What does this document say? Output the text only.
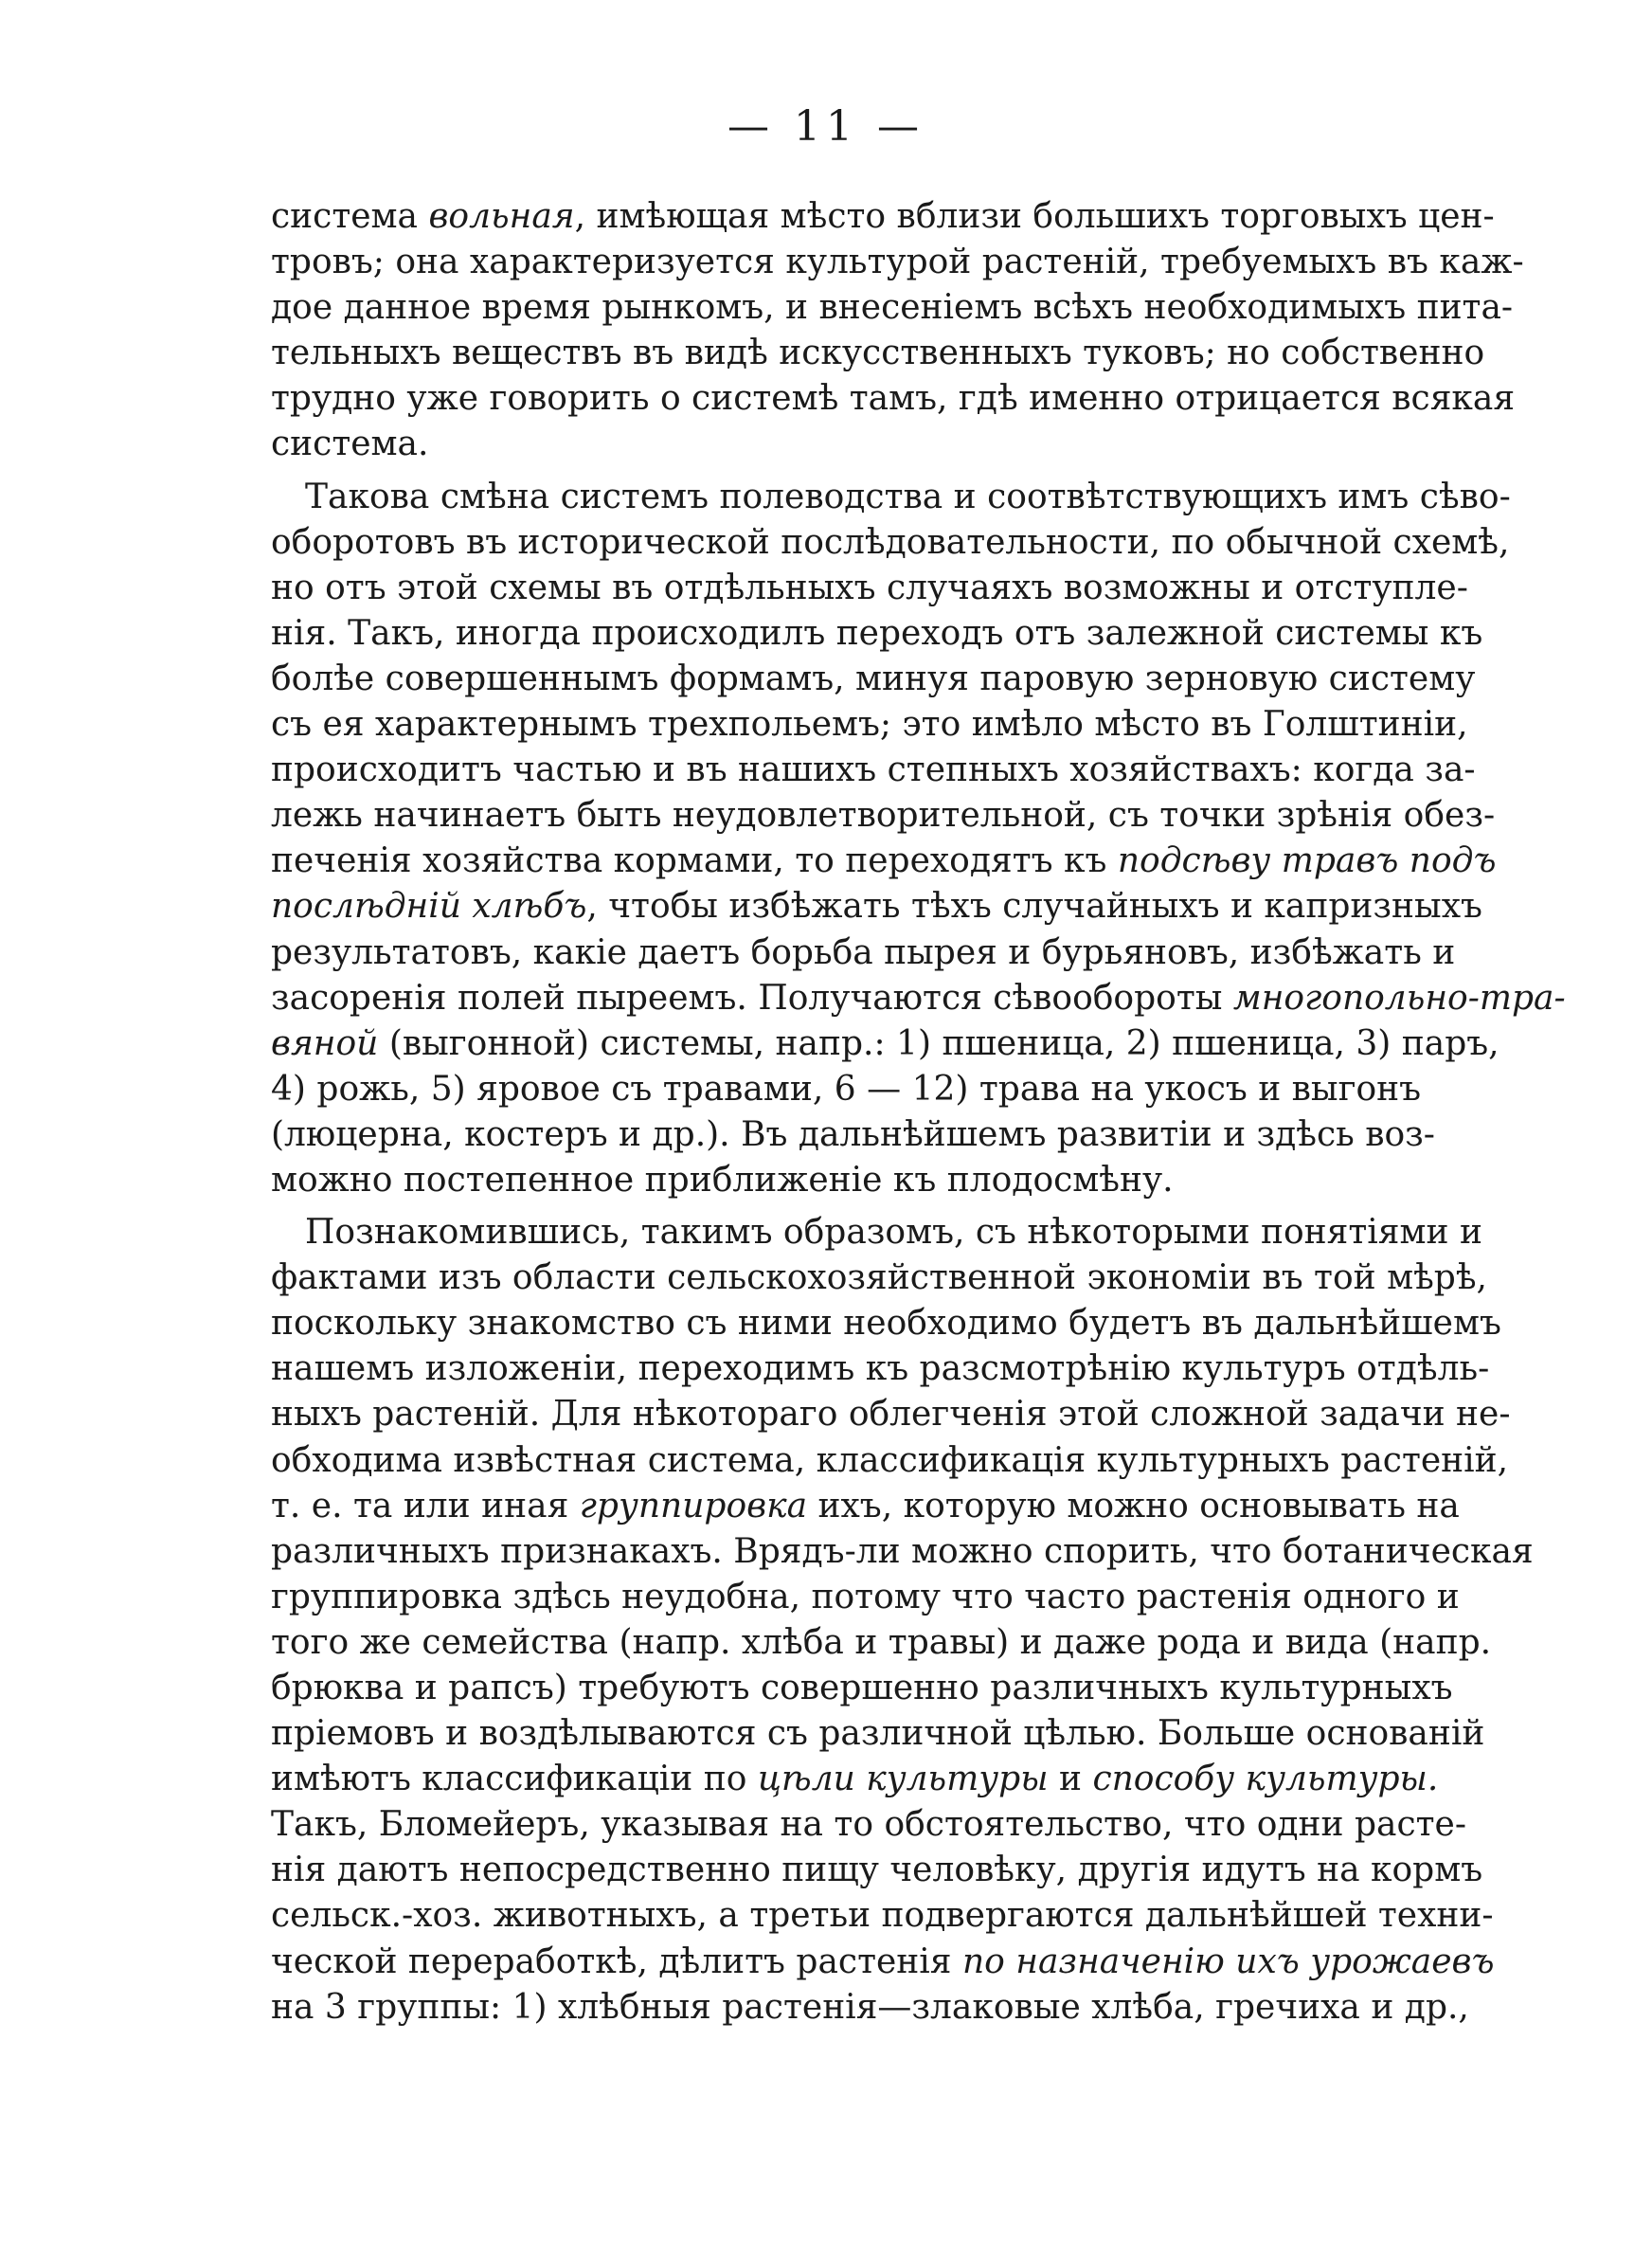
— 11 —
система вольная, имѣющая мѣсто вблизи большихъ торговыхъ цен-
тровъ; она характеризуется культурой растеній, требуемыхъ въ каж-
дое данное время рынкомъ, и внесеніемъ всѣхъ необходимыхъ пита-
тельныхъ веществъ въ видѣ искусственныхъ туковъ; но собственно
трудно уже говорить о системѣ тамъ, гдѣ именно отрицается всякая
система.
Такова смѣна системъ полеводства и соотвѣтствующихъ имъ сѣво-
оборотовъ въ исторической послѣдовательности, по обычной схемѣ,
но отъ этой схемы въ отдѣльныхъ случаяхъ возможны и отступле-
нія. Такъ, иногда происходилъ переходъ отъ залежной системы къ
болѣе совершеннымъ формамъ, минуя паровую зерновую систему
съ ея характернымъ трехпольемъ; это имѣло мѣсто въ Голштиніи,
происходитъ частью и въ нашихъ степныхъ хозяйствахъ: когда за-
лежь начинаетъ быть неудовлетворительной, съ точки зрѣнія обез-
печенія хозяйства кормами, то переходятъ къ подсѣву травъ подъ
послѣдній хлѣбъ, чтобы избѣжать тѣхъ случайныхъ и капризныхъ
результатовъ, какіе даетъ борьба пырея и бурьяновъ, избѣжать и
засоренія полей пыреемъ. Получаются сѣвообороты многопольно-тра-
вяной (выгонной) системы, напр.: 1) пшеница, 2) пшеница, 3) паръ,
4) рожь, 5) яровое съ травами, 6 — 12) трава на укосъ и выгонъ
(люцерна, костеръ и др.). Въ дальнѣйшемъ развитіи и здѣсь воз-
можно постепенное приближеніе къ плодосмѣну.
Познакомившись, такимъ образомъ, съ нѣкоторыми понятіями и
фактами изъ области сельскохозяйственной экономіи въ той мѣрѣ,
поскольку знакомство съ ними необходимо будетъ въ дальнѣйшемъ
нашемъ изложеніи, переходимъ къ разсмотрѣнію культуръ отдѣль-
ныхъ растеній. Для нѣкотораго облегченія этой сложной задачи не-
обходима извѣстная система, классификація культурныхъ растеній,
т. е. та или иная группировка ихъ, которую можно основывать на
различныхъ признакахъ. Врядъ-ли можно спорить, что ботаническая
группировка здѣсь неудобна, потому что часто растенія одного и
того же семейства (напр. хлѣба и травы) и даже рода и вида (напр.
брюква и рапсъ) требуютъ совершенно различныхъ культурныхъ
пріемовъ и воздѣлываются съ различной цѣлью. Больше основаній
имѣютъ классификаціи по цѣли культуры и способу культуры.
Такъ, Бломейеръ, указывая на то обстоятельство, что одни расте-
нія даютъ непосредственно пищу человѣку, другія идутъ на кормъ
сельск.-хоз. животныхъ, а третьи подвергаются дальнѣйшей техни-
ческой переработкѣ, дѣлитъ растенія по назначенію ихъ урожаевъ
на 3 группы: 1) хлѣбныя растенія—злаковые хлѣба, гречиха и др.,
